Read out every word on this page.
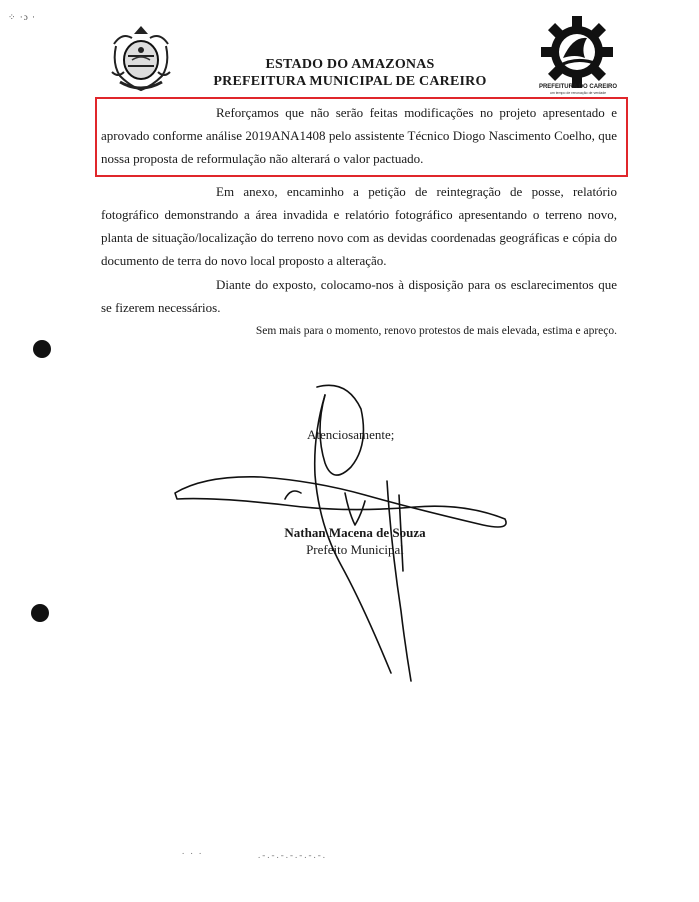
⁘ ·ɔ ·
PREFEITURA DO CAREIRO
um tempo de renovação de verdade
ESTADO DO AMAZONAS
PREFEITURA MUNICIPAL DE CAREIRO

Reforçamos que não serão feitas modificações no projeto apresentado e aprovado conforme análise 2019ANA1408 pelo assistente Técnico Diogo Nascimento Coelho, que nossa proposta de reformulação não alterará o valor pactuado.

Em anexo, encaminho a petição de reintegração de posse, relatório fotográfico demonstrando a área invadida e relatório fotográfico apresentando o terreno novo, planta de situação/localização do terreno novo com as devidas coordenadas geográficas e cópia do documento de terra do novo local proposto a alteração.

Diante do exposto, colocamo-nos à disposição para os esclarecimentos que se fizerem necessários.

Sem mais para o momento, renovo protestos de mais elevada, estima e apreço.

Atenciosamente;
Nathan Macena de Souza
Prefeito Municipal
. . .	.-.-.-.-.-.-.-.
